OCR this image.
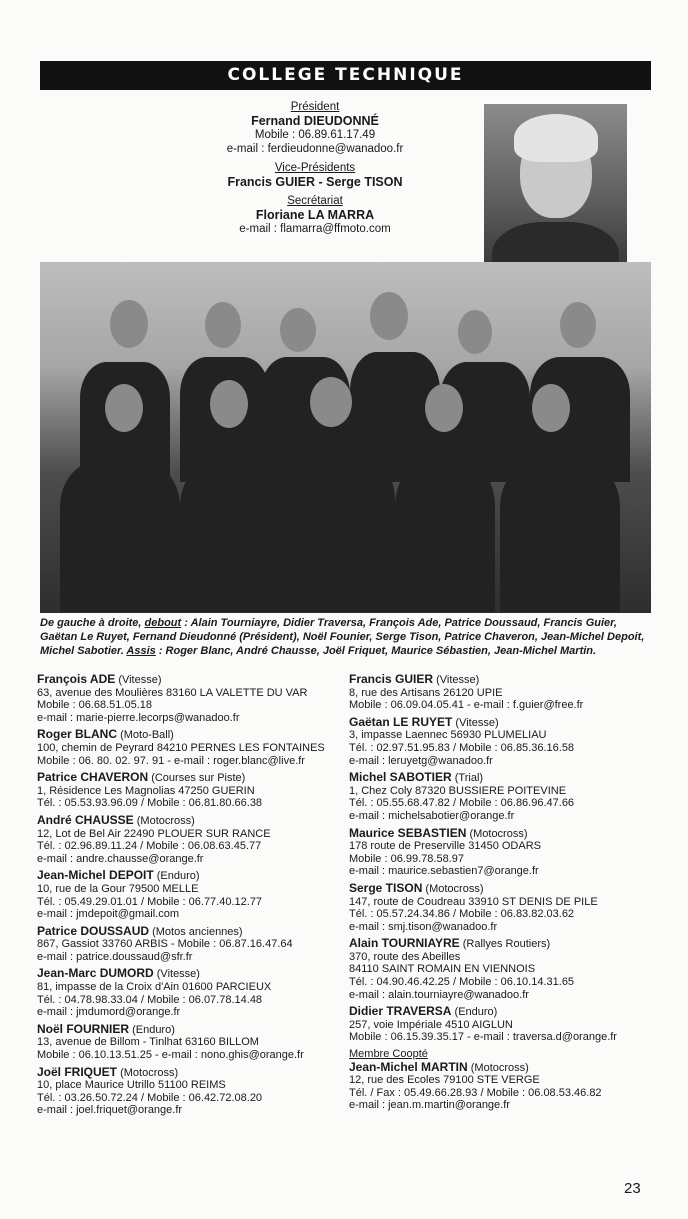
COLLEGE TECHNIQUE
Président
Fernand DIEUDONNÉ
Mobile : 06.89.61.17.49
e-mail : ferdieudonne@wanadoo.fr
Vice-Présidents
Francis GUIER - Serge TISON
Secrétariat
Floriane LA MARRA
e-mail : flamarra@ffmoto.com
De gauche à droite, debout : Alain Tourniayre, Didier Traversa, François Ade, Patrice Doussaud, Francis Guier, Gaëtan Le Ruyet, Fernand Dieudonné (Président), Noël Founier, Serge Tison, Patrice Chaveron, Jean-Michel Depoit, Michel Sabotier. Assis : Roger Blanc, André Chausse, Joël Friquet, Maurice Sébastien, Jean-Michel Martin.
François ADE (Vitesse)
63, avenue des Moulières 83160 LA VALETTE DU VAR
Mobile : 06.68.51.05.18
e-mail : marie-pierre.lecorps@wanadoo.fr
Roger BLANC (Moto-Ball)
100, chemin de Peyrard 84210 PERNES LES FONTAINES
Mobile : 06. 80. 02. 97. 91 - e-mail : roger.blanc@live.fr
Patrice CHAVERON (Courses sur Piste)
1, Résidence Les Magnolias 47250 GUERIN
Tél. : 05.53.93.96.09 / Mobile : 06.81.80.66.38
André CHAUSSE (Motocross)
12, Lot de Bel Air 22490 PLOUER SUR RANCE
Tél. : 02.96.89.11.24 / Mobile : 06.08.63.45.77
e-mail : andre.chausse@orange.fr
Jean-Michel DEPOIT (Enduro)
10, rue de la Gour 79500 MELLE
Tél. : 05.49.29.01.01 / Mobile : 06.77.40.12.77
e-mail : jmdepoit@gmail.com
Patrice DOUSSAUD (Motos anciennes)
867, Gassiot 33760 ARBIS - Mobile : 06.87.16.47.64
e-mail : patrice.doussaud@sfr.fr
Jean-Marc DUMORD (Vitesse)
81, impasse de la Croix d'Ain 01600 PARCIEUX
Tél. : 04.78.98.33.04 / Mobile : 06.07.78.14.48
e-mail : jmdumord@orange.fr
Noël FOURNIER (Enduro)
13, avenue de Billom - Tinlhat 63160 BILLOM
Mobile : 06.10.13.51.25 - e-mail : nono.ghis@orange.fr
Joël FRIQUET (Motocross)
10, place Maurice Utrillo 51100 REIMS
Tél. : 03.26.50.72.24 / Mobile : 06.42.72.08.20
e-mail : joel.friquet@orange.fr
Francis GUIER (Vitesse)
8, rue des Artisans 26120 UPIE
Mobile : 06.09.04.05.41 - e-mail : f.guier@free.fr
Gaëtan LE RUYET (Vitesse)
3, impasse Laennec 56930 PLUMELIAU
Tél. : 02.97.51.95.83 / Mobile : 06.85.36.16.58
e-mail : leruyetg@wanadoo.fr
Michel SABOTIER (Trial)
1, Chez Coly 87320 BUSSIERE POITEVINE
Tél. : 05.55.68.47.82 / Mobile : 06.86.96.47.66
e-mail : michelsabotier@orange.fr
Maurice SEBASTIEN (Motocross)
178 route de Preserville 31450 ODARS
Mobile : 06.99.78.58.97
e-mail : maurice.sebastien7@orange.fr
Serge TISON (Motocross)
147, route de Coudreau 33910 ST DENIS DE PILE
Tél. : 05.57.24.34.86 / Mobile : 06.83.82.03.62
e-mail : smj.tison@wanadoo.fr
Alain TOURNIAYRE (Rallyes Routiers)
370, route des Abeilles
84110 SAINT ROMAIN EN VIENNOIS
Tél. : 04.90.46.42.25 / Mobile : 06.10.14.31.65
e-mail : alain.tourniayre@wanadoo.fr
Didier TRAVERSA (Enduro)
257, voie Impériale 4510 AIGLUN
Mobile : 06.15.39.35.17 - e-mail : traversa.d@orange.fr
Membre Coopté
Jean-Michel MARTIN (Motocross)
12, rue des Ecoles 79100 STE VERGE
Tél. / Fax : 05.49.66.28.93 / Mobile : 06.08.53.46.82
e-mail : jean.m.martin@orange.fr
23
